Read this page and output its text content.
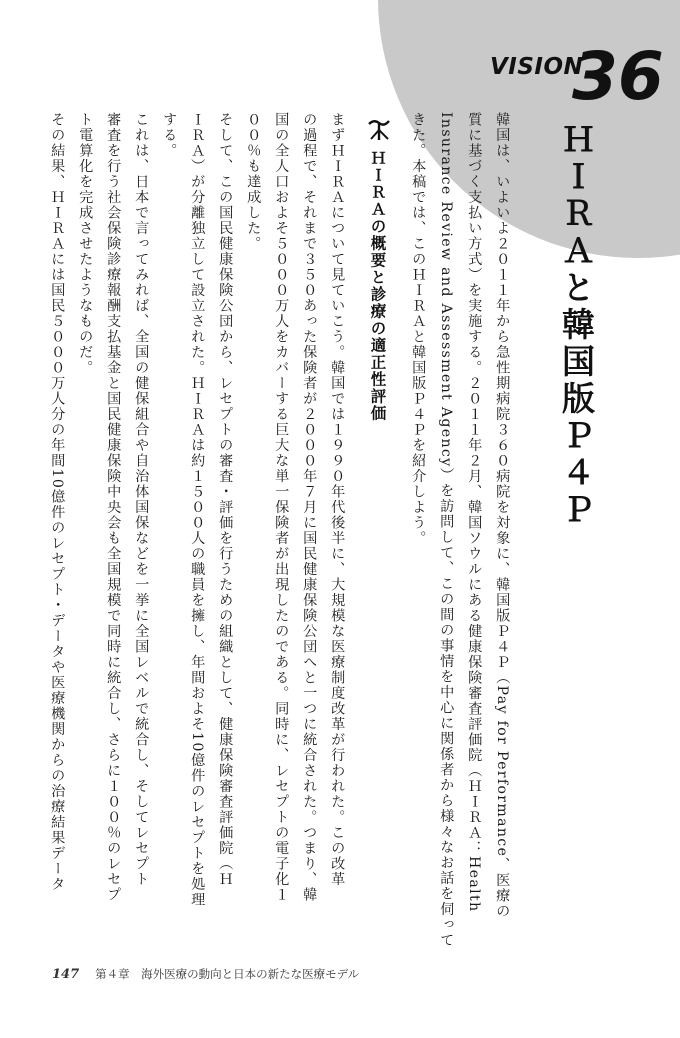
VISION
36
ＨＩＲＡと韓国版Ｐ４Ｐ
韓国は、いよいよ２０１１年から急性期病院３６０病院を対象に、韓国版Ｐ４Ｐ（Pay for Performance、医療の
質に基づく支払い方式）を実施する。２０１１年２月、韓国ソウルにある健康保険審査評価院（ＨＩＲＡ：Health
Insurance Review and Assessment Agency）を訪問して、この間の事情を中心に関係者から様々なお話を伺って
きた。本稿では、このＨＩＲＡと韓国版Ｐ４Ｐを紹介しよう。
ＨＩＲＡの概要と診療の適正性評価
まずＨＩＲＡについて見ていこう。韓国では１９９０年代後半に、大規模な医療制度改革が行われた。この改革
の過程で、それまで３５０あった保険者が２０００年７月に国民健康保険公団へと一つに統合された。つまり、韓
国の全人口およそ５０００万人をカバーする巨大な単一保険者が出現したのである。同時に、レセプトの電子化１
００％も達成した。
そして、この国民健康保険公団から、レセプトの審査・評価を行うための組織として、健康保険審査評価院（Ｈ
ＩＲＡ）が分離独立して設立された。ＨＩＲＡは約１５００人の職員を擁し、年間およそ10億件のレセプトを処理
する。
これは、日本で言ってみれば、全国の健保組合や自治体国保などを一挙に全国レベルで統合し、そしてレセプト
審査を行う社会保険診療報酬支払基金と国民健康保険中央会も全国規模で同時に統合し、さらに１００％のレセプ
ト電算化を完成させたようなものだ。
その結果、ＨＩＲＡには国民５０００万人分の年間10億件のレセプト・データや医療機関からの治療結果データ
147 第４章　海外医療の動向と日本の新たな医療モデル
